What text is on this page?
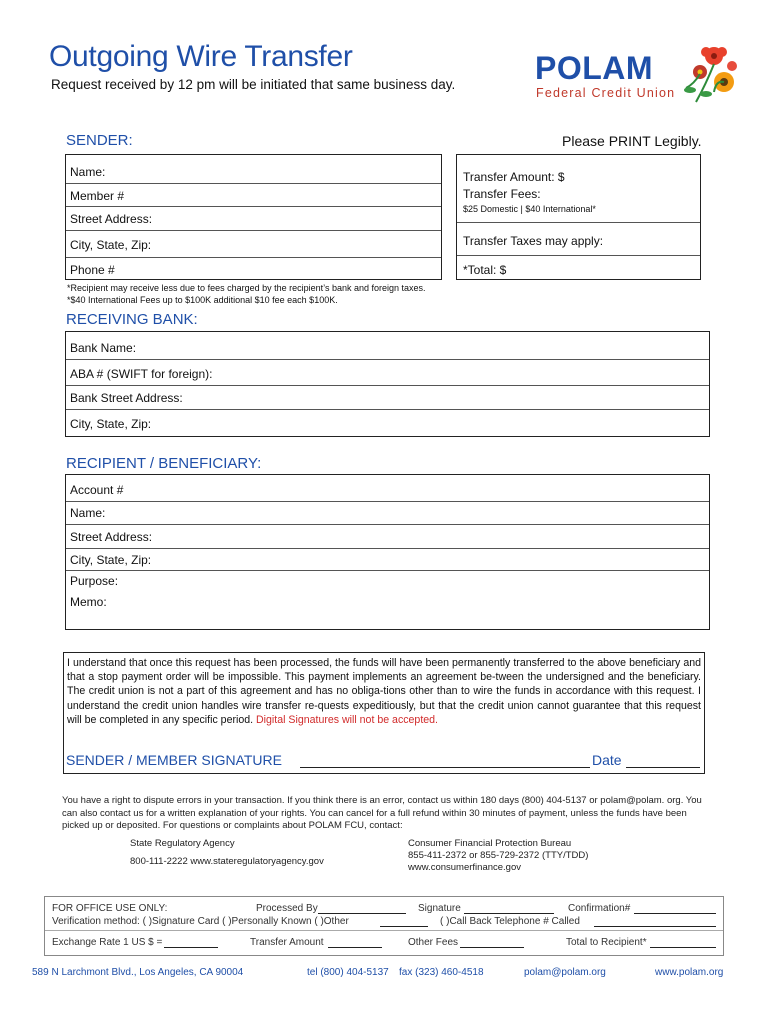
Outgoing Wire Transfer
Request received by 12 pm will be initiated that same business day. POLAM
Federal Credit Union
SENDER:	Please PRINT Legibly.
Name:
Member #
Street Address:
City, State, Zip:
Phone #
Transfer Amount: $
Transfer Fees:
$25 Domestic | $40 International*
Transfer Taxes may apply:
*Total: $
*Recipient may receive less due to fees charged by the recipient’s bank and foreign taxes.
*$40 International Fees up to $100K additional $10 fee each $100K.
RECEIVING BANK:
Bank Name:
ABA # (SWIFT for foreign):
Bank Street Address:
City, State, Zip:
RECIPIENT / BENEFICIARY:
Account #
Name:
Street Address:
City, State, Zip:
Purpose:
Memo:
I understand that once this request has been processed, the funds will have been permanently transferred to the above beneficiary and that a stop payment order will be impossible. This payment implements an agreement be-tween the undersigned and the beneficiary. The credit union is not a part of this agreement and has no obliga-tions other than to wire the funds in accordance with this request. I understand the credit union handles wire transfer re-quests expeditiously, but that the credit union cannot guarantee that this request will be completed in any specific period. Digital Signatures will not be accepted.
SENDER / MEMBER SIGNATURE	Date
You have a right to dispute errors in your transaction. If you think there is an error, contact us within 180 days (800) 404-5137 or polam@polam. org. You can also contact us for a written explanation of your rights. You can cancel for a full refund within 30 minutes of payment, unless the funds have been picked up or deposited. For questions or complaints about POLAM FCU, contact:
State Regulatory Agency
800-111-2222 www.stateregulatoryagency.gov
Consumer Financial Protection Bureau
855-411-2372 or 855-729-2372 (TTY/TDD)
www.consumerfinance.gov
FOR OFFICE USE ONLY:	Processed By	Signature	Confirmation#
Verification method: ( )Signature Card ( )Personally Known ( )Other	( )Call Back Telephone # Called
Exchange Rate 1 US $ =	Transfer Amount	Other Fees	Total to Recipient*
589 N Larchmont Blvd., Los Angeles, CA 90004	tel (800) 404-5137 fax (323) 460-4518	polam@polam.org	www.polam.org
